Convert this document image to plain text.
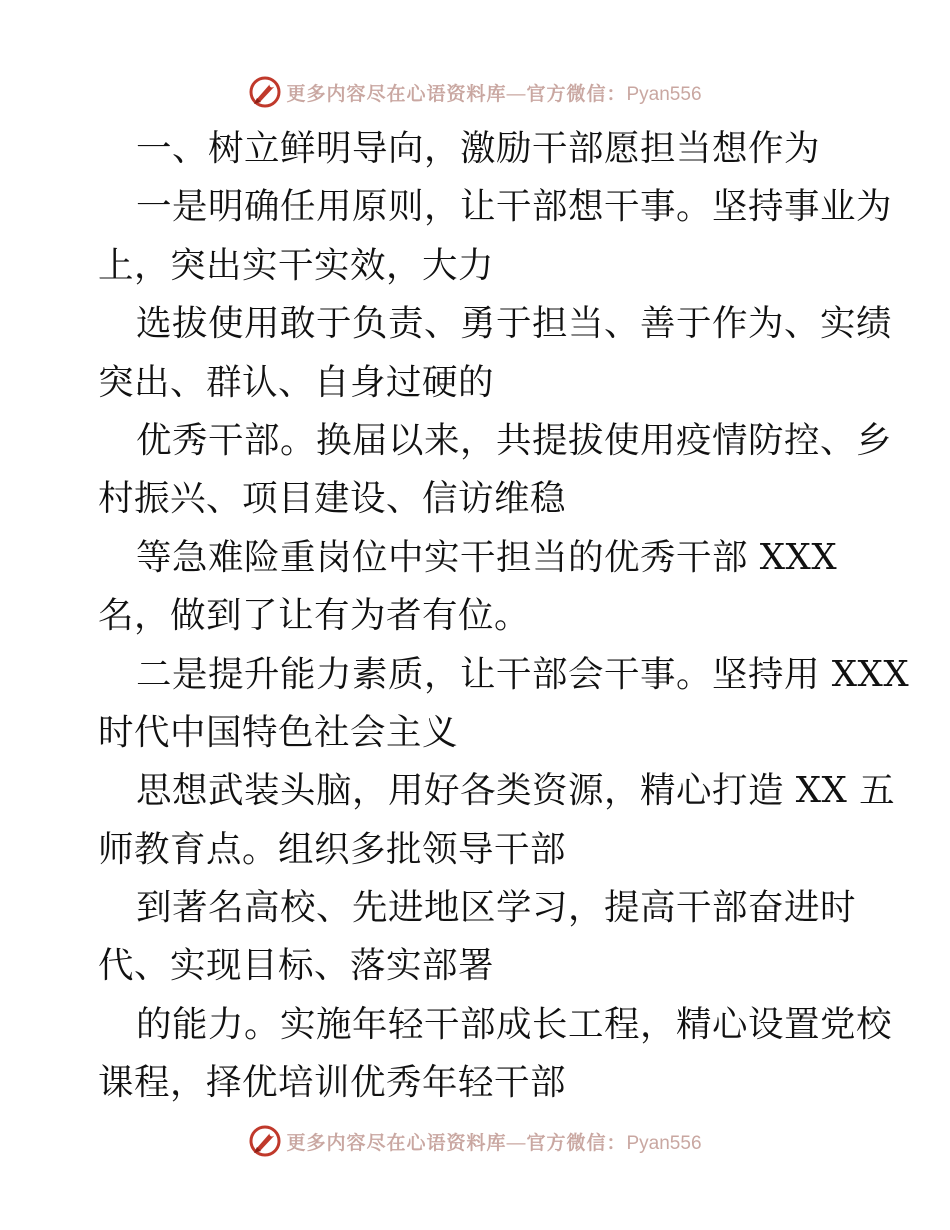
更多内容尽在心语资料库—官方微信：Pyan556
一、树立鲜明导向，激励干部愿担当想作为
一是明确任用原则，让干部想干事。坚持事业为
上，突出实干实效，大力
选拔使用敢于负责、勇于担当、善于作为、实绩
突出、群认、自身过硬的
优秀干部。换届以来，共提拔使用疫情防控、乡
村振兴、项目建设、信访维稳
等急难险重岗位中实干担当的优秀干部 XXX
名，做到了让有为者有位。
二是提升能力素质，让干部会干事。坚持用 XXX
时代中国特色社会主义
思想武装头脑，用好各类资源，精心打造 XX 五
师教育点。组织多批领导干部
到著名高校、先进地区学习，提高干部奋进时
代、实现目标、落实部署
的能力。实施年轻干部成长工程，精心设置党校
课程，择优培训优秀年轻干部
更多内容尽在心语资料库—官方微信：Pyan556
